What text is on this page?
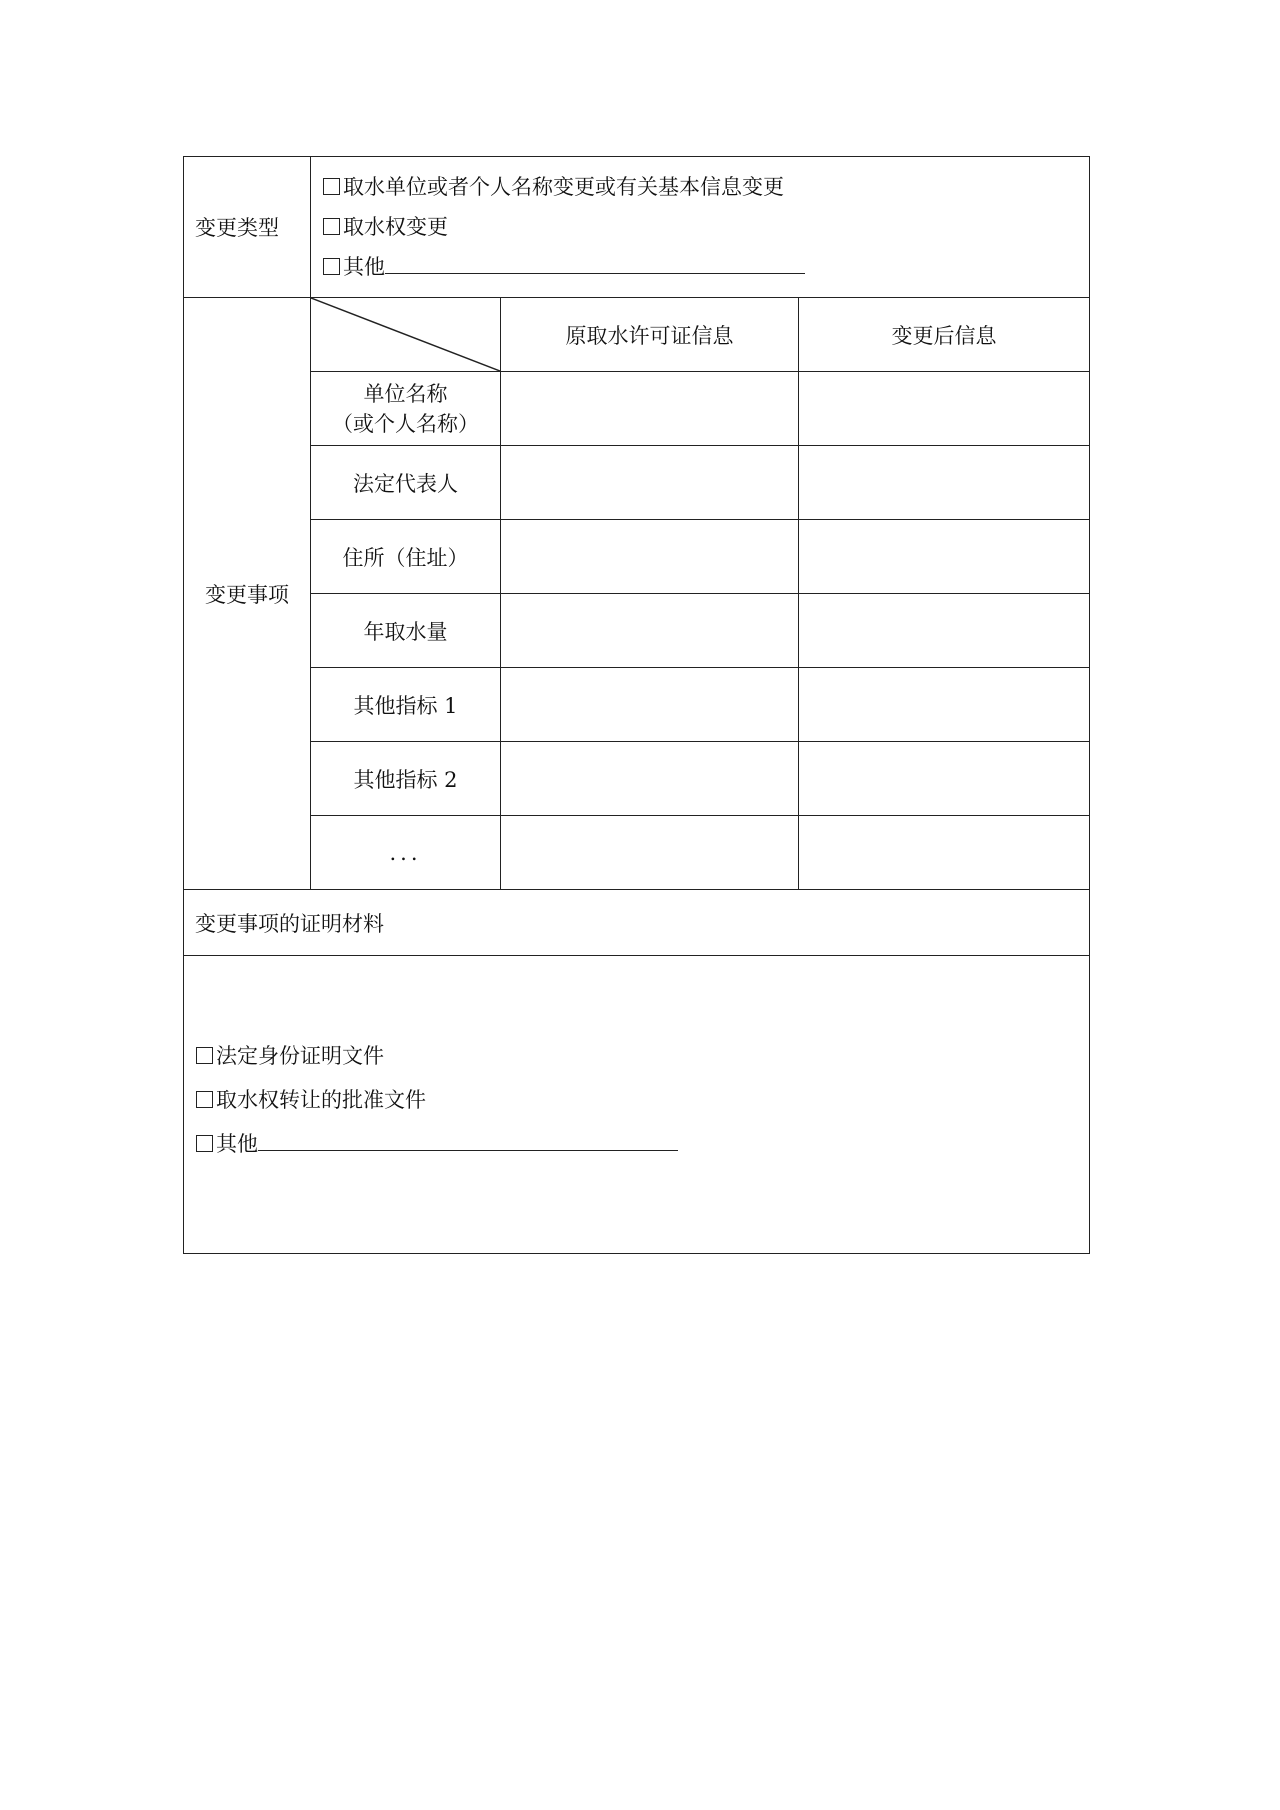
变更类型	取水单位或者个人名称变更或有关基本信息变更
取水权变更
其他		

变更事项		原取水许可证信息	变更后信息

	单位名称
（或个人名称）		

	法定代表人		
	住所（住址）		
	年取水量		
	其他指标 1		
	其他指标 2		
	...		
变更事项的证明材料			

法定身份证明文件
取水权转让的批准文件
其他			
